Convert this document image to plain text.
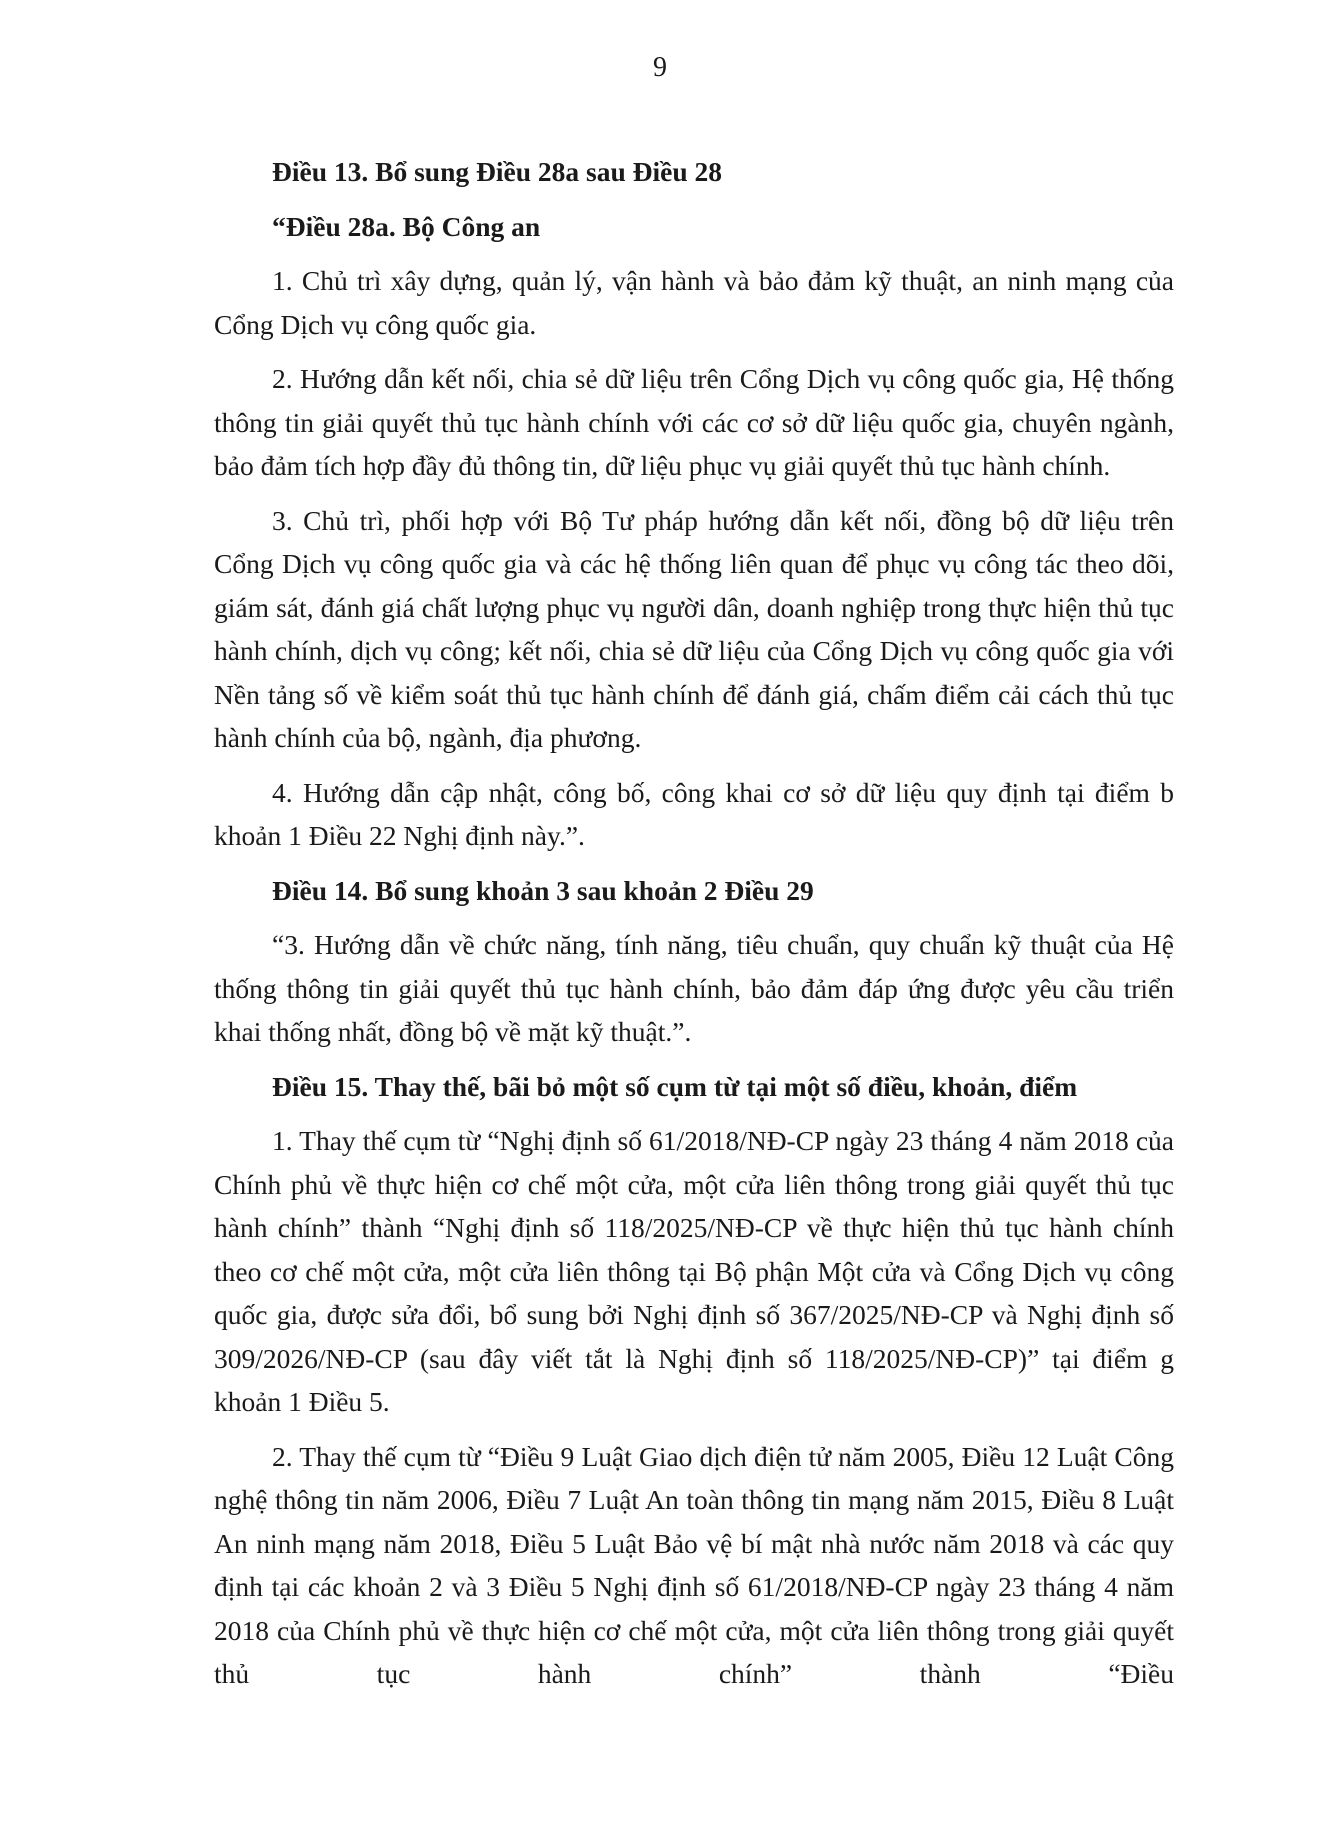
9

Điều 13. Bổ sung Điều 28a sau Điều 28

“Điều 28a. Bộ Công an

1. Chủ trì xây dựng, quản lý, vận hành và bảo đảm kỹ thuật, an ninh mạng của Cổng Dịch vụ công quốc gia.

2. Hướng dẫn kết nối, chia sẻ dữ liệu trên Cổng Dịch vụ công quốc gia, Hệ thống thông tin giải quyết thủ tục hành chính với các cơ sở dữ liệu quốc gia, chuyên ngành, bảo đảm tích hợp đầy đủ thông tin, dữ liệu phục vụ giải quyết thủ tục hành chính.

3. Chủ trì, phối hợp với Bộ Tư pháp hướng dẫn kết nối, đồng bộ dữ liệu trên Cổng Dịch vụ công quốc gia và các hệ thống liên quan để phục vụ công tác theo dõi, giám sát, đánh giá chất lượng phục vụ người dân, doanh nghiệp trong thực hiện thủ tục hành chính, dịch vụ công; kết nối, chia sẻ dữ liệu của Cổng Dịch vụ công quốc gia với Nền tảng số về kiểm soát thủ tục hành chính để đánh giá, chấm điểm cải cách thủ tục hành chính của bộ, ngành, địa phương.

4. Hướng dẫn cập nhật, công bố, công khai cơ sở dữ liệu quy định tại điểm b khoản 1 Điều 22 Nghị định này.”.

Điều 14. Bổ sung khoản 3 sau khoản 2 Điều 29

“3. Hướng dẫn về chức năng, tính năng, tiêu chuẩn, quy chuẩn kỹ thuật của Hệ thống thông tin giải quyết thủ tục hành chính, bảo đảm đáp ứng được yêu cầu triển khai thống nhất, đồng bộ về mặt kỹ thuật.”.

Điều 15. Thay thế, bãi bỏ một số cụm từ tại một số điều, khoản, điểm

1. Thay thế cụm từ “Nghị định số 61/2018/NĐ-CP ngày 23 tháng 4 năm 2018 của Chính phủ về thực hiện cơ chế một cửa, một cửa liên thông trong giải quyết thủ tục hành chính” thành “Nghị định số 118/2025/NĐ-CP về thực hiện thủ tục hành chính theo cơ chế một cửa, một cửa liên thông tại Bộ phận Một cửa và Cổng Dịch vụ công quốc gia, được sửa đổi, bổ sung bởi Nghị định số 367/2025/NĐ-CP và Nghị định số 309/2026/NĐ-CP (sau đây viết tắt là Nghị định số 118/2025/NĐ-CP)” tại điểm g khoản 1 Điều 5.

2. Thay thế cụm từ “Điều 9 Luật Giao dịch điện tử năm 2005, Điều 12 Luật Công nghệ thông tin năm 2006, Điều 7 Luật An toàn thông tin mạng năm 2015, Điều 8 Luật An ninh mạng năm 2018, Điều 5 Luật Bảo vệ bí mật nhà nước năm 2018 và các quy định tại các khoản 2 và 3 Điều 5 Nghị định số 61/2018/NĐ-CP ngày 23 tháng 4 năm 2018 của Chính phủ về thực hiện cơ chế một cửa, một cửa liên thông trong giải quyết thủ tục hành chính” thành “Điều
